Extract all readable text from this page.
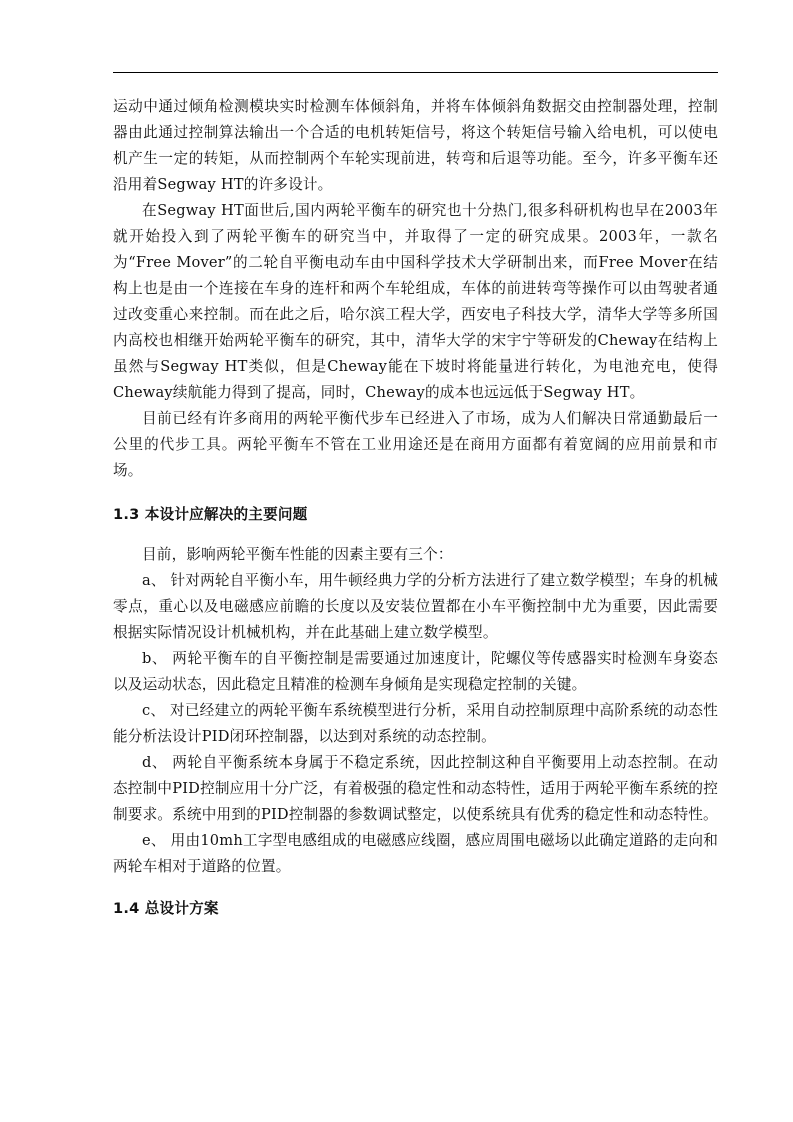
运动中通过倾角检测模块实时检测车体倾斜角，并将车体倾斜角数据交由控制器处理，控制器由此通过控制算法输出一个合适的电机转矩信号，将这个转矩信号输入给电机，可以使电机产生一定的转矩，从而控制两个车轮实现前进，转弯和后退等功能。至今，许多平衡车还沿用着Segway HT的许多设计。

在Segway HT面世后,国内两轮平衡车的研究也十分热门,很多科研机构也早在2003年就开始投入到了两轮平衡车的研究当中，并取得了一定的研究成果。2003年，一款名为“Free Mover”的二轮自平衡电动车由中国科学技术大学研制出来，而Free Mover在结构上也是由一个连接在车身的连杆和两个车轮组成，车体的前进转弯等操作可以由驾驶者通过改变重心来控制。而在此之后，哈尔滨工程大学，西安电子科技大学，清华大学等多所国内高校也相继开始两轮平衡车的研究，其中，清华大学的宋宇宁等研发的Cheway在结构上虽然与Segway HT类似，但是Cheway能在下坡时将能量进行转化，为电池充电，使得Cheway续航能力得到了提高，同时，Cheway的成本也远远低于Segway HT。

目前已经有许多商用的两轮平衡代步车已经进入了市场，成为人们解决日常通勤最后一公里的代步工具。两轮平衡车不管在工业用途还是在商用方面都有着宽阔的应用前景和市场。

1.3 本设计应解决的主要问题

目前，影响两轮平衡车性能的因素主要有三个：

a、 针对两轮自平衡小车，用牛顿经典力学的分析方法进行了建立数学模型；车身的机械零点，重心以及电磁感应前瞻的长度以及安装位置都在小车平衡控制中尤为重要，因此需要根据实际情况设计机械机构，并在此基础上建立数学模型。

b、 两轮平衡车的自平衡控制是需要通过加速度计，陀螺仪等传感器实时检测车身姿态以及运动状态，因此稳定且精准的检测车身倾角是实现稳定控制的关键。

c、 对已经建立的两轮平衡车系统模型进行分析，采用自动控制原理中高阶系统的动态性能分析法设计PID闭环控制器，以达到对系统的动态控制。

d、 两轮自平衡系统本身属于不稳定系统，因此控制这种自平衡要用上动态控制。在动态控制中PID控制应用十分广泛，有着极强的稳定性和动态特性，适用于两轮平衡车系统的控制要求。系统中用到的PID控制器的参数调试整定，以使系统具有优秀的稳定性和动态特性。

e、 用由10mh工字型电感组成的电磁感应线圈，感应周围电磁场以此确定道路的走向和两轮车相对于道路的位置。

1.4 总设计方案
